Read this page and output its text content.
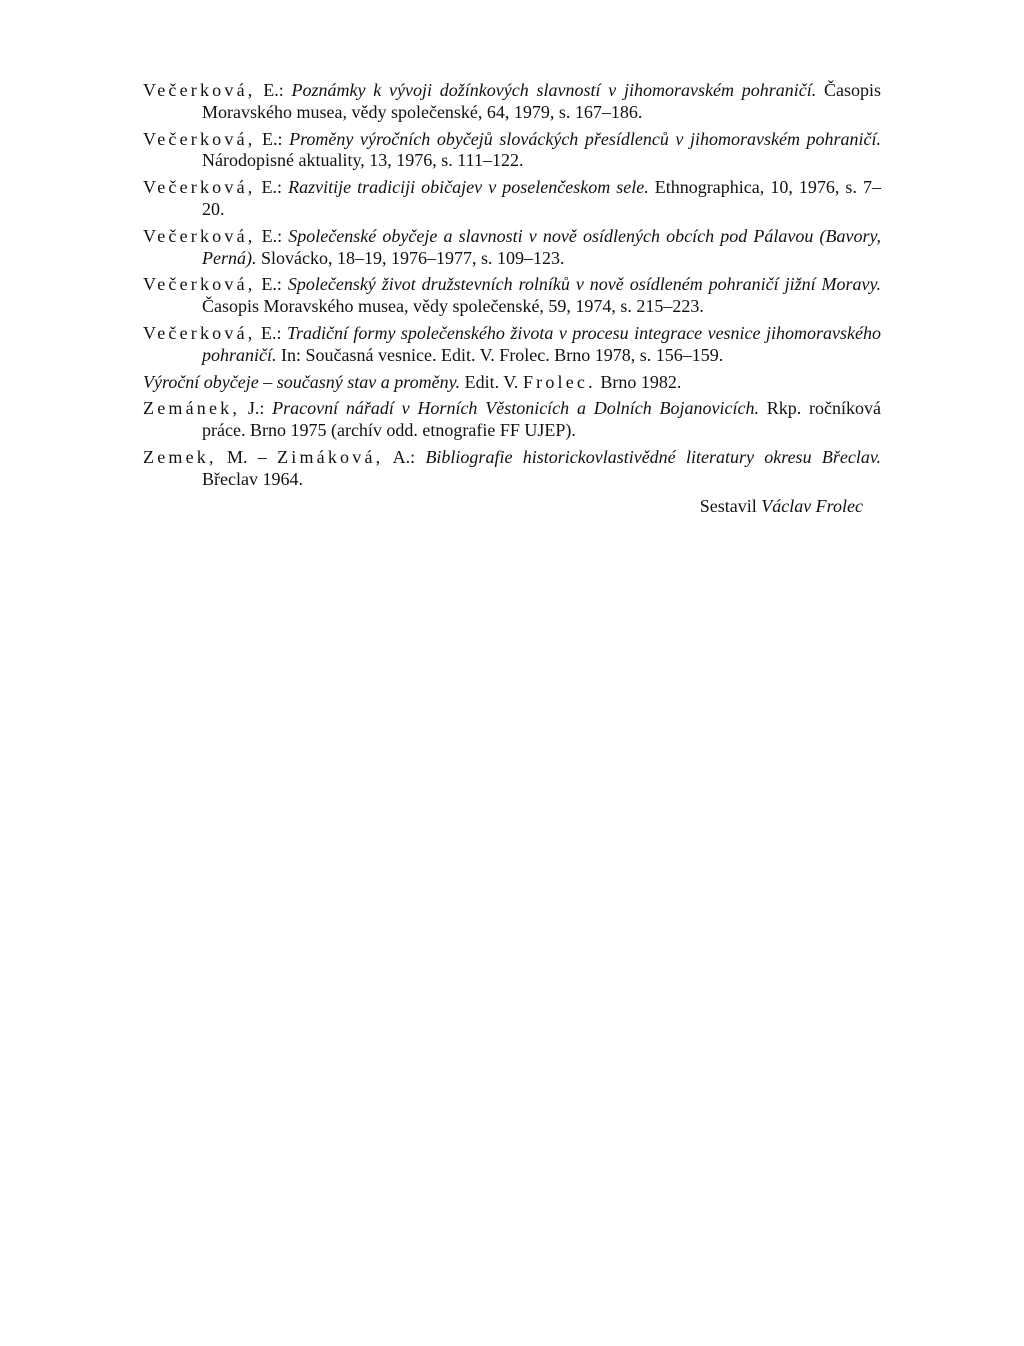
Večerková, E.: Poznámky k vývoji dožínkových slavností v jihomoravském pohraničí. Časopis Moravského musea, vědy společenské, 64, 1979, s. 167–186.

Večerková, E.: Proměny výročních obyčejů slováckých přesídlenců v jihomoravském pohraničí. Národopisné aktuality, 13, 1976, s. 111–122.

Večerková, E.: Razvitije tradiciji običajev v poselenčeskom sele. Ethnographica, 10, 1976, s. 7–20.

Večerková, E.: Společenské obyčeje a slavnosti v nově osídlených obcích pod Pálavou (Bavory, Perná). Slovácko, 18–19, 1976–1977, s. 109–123.

Večerková, E.: Společenský život družstevních rolníků v nově osídleném pohraničí jižní Moravy. Časopis Moravského musea, vědy společenské, 59, 1974, s. 215–223.

Večerková, E.: Tradiční formy společenského života v procesu integrace vesnice jihomoravského pohraničí. In: Současná vesnice. Edit. V. Frolec. Brno 1978, s. 156–159.

Výroční obyčeje – současný stav a proměny. Edit. V. Frolec. Brno 1982.

Zemánek, J.: Pracovní nářadí v Horních Věstonicích a Dolních Bojanovicích. Rkp. ročníková práce. Brno 1975 (archív odd. etnografie FF UJEP).

Zemek, M. – Zimáková, A.: Bibliografie historickovlastivědné literatury okresu Břeclav. Břeclav 1964.

Sestavil Václav Frolec
